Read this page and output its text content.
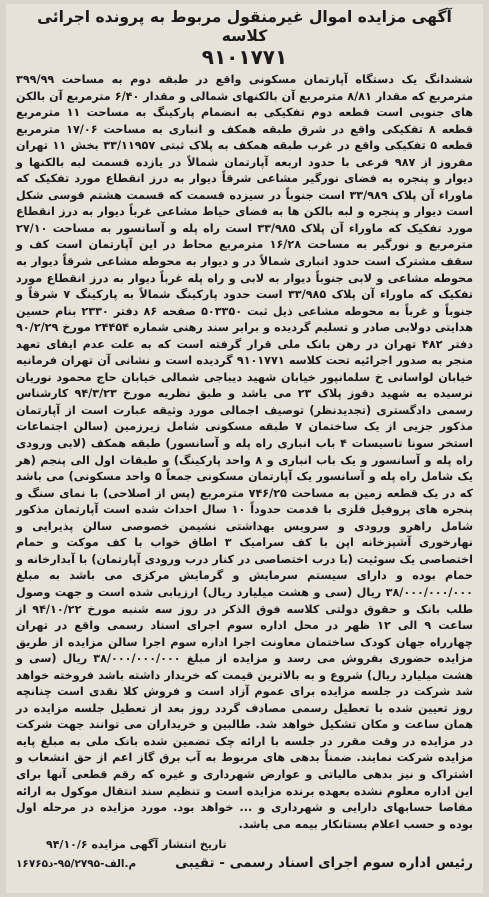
آگهی مزایده اموال غیرمنقول مربوط به پرونده اجرائی کلاسه
۹۱۰۱۷۷۱

ششدانگ یک دستگاه آپارتمان مسکونی واقع در طبقه دوم به مساحت ۳۹۹/۹۹ مترمربع که مقدار ۸/۸۱ مترمربع آن بالکنهای شمالی و مقدار ۶/۴۰ مترمربع آن بالکن های جنوبی است قطعه دوم تفکیکی به انضمام پارکینگ به مساحت ۱۱ مترمربع قطعه ۸ تفکیکی واقع در شرق طبقه همکف و انباری به مساحت ۱۷/۰۶ مترمربع قطعه ۵ تفکیکی واقع در غرب طبقه همکف به پلاک ثبتی ۳۳/۱۱۹۵۷ بخش ۱۱ تهران مفروز از ۹۸۷ فرعی با حدود اربعه آپارتمان شمالاً در یازده قسمت لبه بالکنها و دیوار و پنجره به فضای نورگیر مشاعی شرقاً دیوار به درز انقطاع مورد تفکیک که ماوراء آن پلاک ۳۳/۹۸۹ است جنوباً در سیزده قسمت که قسمت هشتم قوسی شکل است دیوار و پنجره و لبه بالکن ها به فضای حیاط مشاعی غرباً دیوار به درز انقطاع مورد تفکیک که ماوراء آن پلاک ۳۳/۹۸۵ است راه پله و آسانسور به مساحت ۲۷/۱۰ مترمربع و نورگیر به مساحت ۱۶/۲۸ مترمربع محاط در این آپارتمان است کف و سقف مشترک است حدود انباری شمالاً در و دیوار به محوطه مشاعی شرقاً دیوار به محوطه مشاعی و لابی جنوباً دیوار به لابی و راه پله غرباً دیوار به درز انقطاع مورد تفکیک که ماوراء آن پلاک ۳۳/۹۸۵ است حدود پارکینگ شمالاً به پارکینگ ۷ شرقاً و جنوباً و غرباً به محوطه مشاعی ذیل ثبت ۵۰۳۳۵۰ صفحه ۸۶ دفتر ۲۳۳۰ بنام حسین هدایتی دولابی صادر و تسلیم گردیده و برابر سند رهنی شماره ۲۴۴۵۴ مورخ ۹۰/۲/۲۹ دفتر ۴۸۲ تهران در رهن بانک ملی قرار گرفته است که به علت عدم ایفای تعهد منجر به صدور اجرائیه تحت کلاسه ۹۱۰۱۷۷۱ گردیده است و نشانی آن تهران فرمانیه خیابان لواسانی خ سلمانپور خیابان شهید دیباجی شمالی خیابان حاج محمود نوریان نرسیده به شهید دقوز پلاک ۲۳ می باشد و طبق نظریه مورخ ۹۴/۳/۲۳ کارشناس رسمی دادگستری (تجدیدنظر) توصیف اجمالی مورد وثیقه عبارت است از آپارتمان مذکور جزیی از یک ساختمان ۷ طبقه مسکونی شامل زیرزمین (سالن اجتماعات استخر سونا تاسیسات ۴ باب انباری راه پله و آسانسور) طبقه همکف (لابی ورودی راه پله و آسانسور و یک باب انباری و ۸ واحد پارکینگ) و طبقات اول الی پنجم (هر یک شامل راه پله و آسانسور یک آپارتمان مسکونی جمعاً ۵ واحد مسکونی) می باشد که در یک قطعه زمین به مساحت ۷۴۶/۲۵ مترمربع (پس از اصلاحی) با نمای سنگ و پنجره های پروفیل فلزی با قدمت حدوداً ۱۰ سال احداث شده است آپارتمان مذکور شامل راهرو ورودی و سرویس بهداشتی نشیمن خصوصی سالن پذیرایی و نهارخوری آشپزخانه اپن با کف سرامیک ۳ اطاق خواب با کف موکت و حمام اختصاصی یک سوئیت (با درب اختصاصی در کنار درب ورودی آپارتمان) با آبدارخانه و حمام بوده و دارای سیستم سرمایش و گرمایش مرکزی می باشد به مبلغ ۳۸/۰۰۰/۰۰۰/۰۰۰ ریال (سی و هشت میلیارد ریال) ارزیابی شده است و جهت وصول طلب بانک و حقوق دولتی کلاسه فوق الذکر در روز سه شنبه مورخ ۹۴/۱۰/۲۲ از ساعت ۹ الی ۱۲ ظهر در محل اداره سوم اجرای اسناد رسمی واقع در تهران چهارراه جهان کودک ساختمان معاونت اجرا اداره سوم اجرا سالن مزایده از طریق مزایده حضوری بفروش می رسد و مزایده از مبلغ ۳۸/۰۰۰/۰۰۰/۰۰۰ ریال (سی و هشت میلیارد ریال) شروع و به بالاترین قیمت که خریدار داشته باشد فروخته خواهد شد شرکت در جلسه مزایده برای عموم آزاد است و فروش کلا نقدی است چنانچه روز تعیین شده با تعطیل رسمی مصادف گردد روز بعد از تعطیل جلسه مزایده در همان ساعت و مکان تشکیل خواهد شد. طالبین و خریداران می توانند جهت شرکت در مزایده در وقت مقرر در جلسه با ارائه چک تضمین شده بانک ملی به مبلغ پایه مزایده شرکت نمایند. ضمناً بدهی های مربوط به آب برق گاز اعم از حق انشعاب و اشتراک و نیز بدهی مالیاتی و عوارض شهرداری و غیره که رقم قطعی آنها برای این اداره معلوم نشده بعهده برنده مزایده است و تنظیم سند انتقال موکول به ارائه مفاصا حسابهای دارایی و شهرداری و ... خواهد بود. مورد مزایده در مرحله اول بوده و حسب اعلام بستانکار بیمه می باشد.

تاریخ انتشار آگهی مزایده ۹۴/۱۰/۶
رئیس اداره سوم اجرای اسناد رسمی - تقیبی
۱۶۷۶۵م.الف-۹۵/۲۷۹۵-د
